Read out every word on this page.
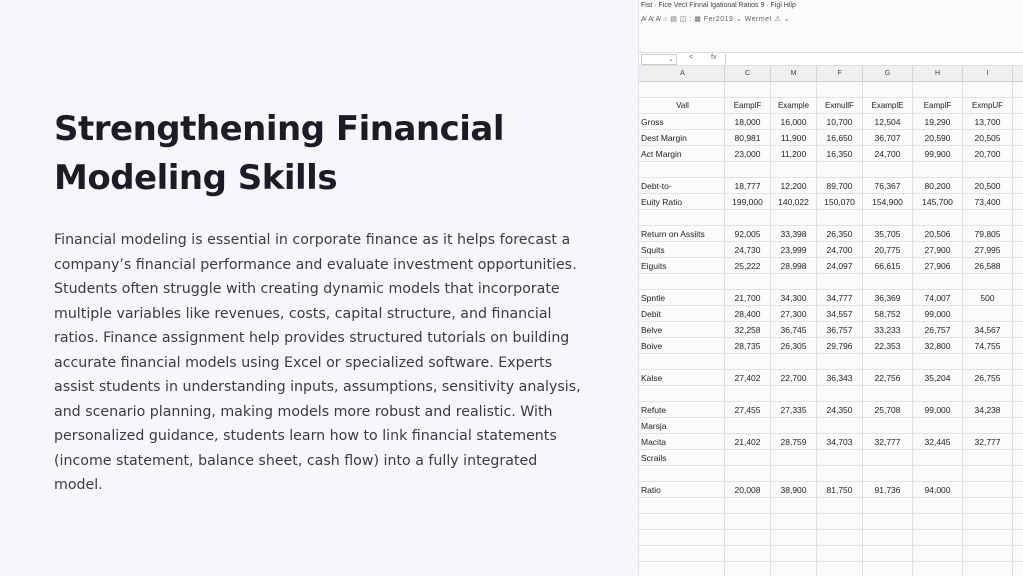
Strengthening Financial
Modeling Skills

Financial modeling is essential in corporate finance as it helps forecast a company’s financial performance and evaluate investment opportunities. Students often struggle with creating dynamic models that incorporate multiple variables like revenues, costs, capital structure, and financial ratios. Finance assignment help provides structured tutorials on building accurate financial models using Excel or specialized software. Experts assist students in understanding inputs, assumptions, sensitivity analysis, and scenario planning, making models more robust and realistic. With personalized guidance, students learn how to link financial statements (income statement, balance sheet, cash flow) into a fully integrated model.

Fist · Fice Vect Finnal Igational Ratios 9 · Figl Hilp
A̸ A̸ A̸ ○ ▤ ◫ : ▦ Fer2019 ⌄ Wermet ⚠ ⌄
⌄	<	fx
A	C	M	F	G	H	I
Vall	EamplF	Example	ExmullF	ExamplE	EamplF	ExmpUF
Gross	18,000	16,000	10,700	12,504	19,290	13,700
Dest Margin	80,981	11,900	16,650	36,707	20,590	20,505
Act Margin	23,000	11,200	16,350	24,700	99,900	20,700
Debt-to-	18,777	12,200	89,700	76,367	80,200	20,500
Euity Ratio	199,000	140,022	150,070	154,900	145,700	73,400
Return on Assiits	92,005	33,398	26,350	35,705	20,506	79,805
Squits	24,730	23,999	24,700	20,775	27,900	27,995
Eiguits	25,222	28,998	24,097	66,615	27,906	26,588
Spntle	21,700	34,300	34,777	36,369	74,007	500
Debit	28,400	27,300	34,557	58,752	99,000
Belve	32,258	36,745	36,757	33,233	26,757	34,567
Boive	28,735	26,305	29,796	22,353	32,800	74,755
Kalse	27,402	22,700	36,343	22,756	35,204	26,755
Refute	27,455	27,335	24,350	25,708	99,000	34,238
Marsja
Macita	21,402	28,759	34,703	32,777	32,445	32,777
Scrails
Ratio	20,008	38,900	81,750	91,736	94,000
